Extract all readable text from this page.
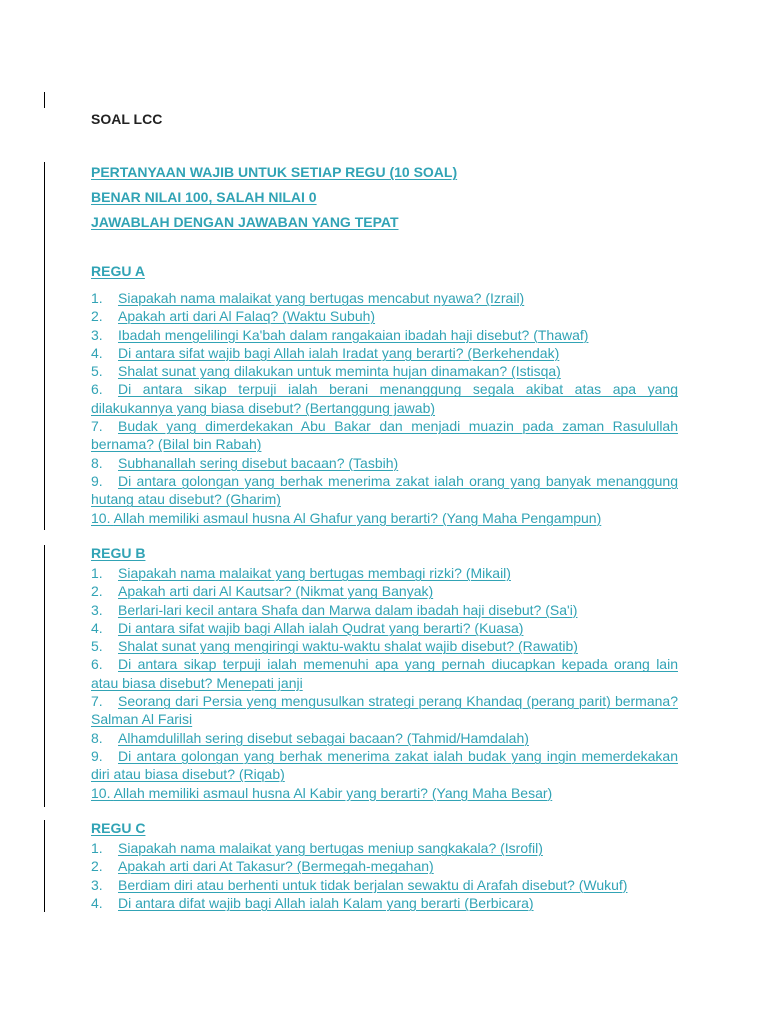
SOAL LCC
PERTANYAAN WAJIB UNTUK SETIAP REGU (10 SOAL)
BENAR NILAI 100, SALAH NILAI 0
JAWABLAH DENGAN JAWABAN YANG TEPAT
REGU A
1. Siapakah nama malaikat yang bertugas mencabut nyawa? (Izrail)
2. Apakah arti dari Al Falaq? (Waktu Subuh)
3. Ibadah mengelilingi Ka'bah dalam rangakaian ibadah haji disebut? (Thawaf)
4. Di antara sifat wajib bagi Allah ialah Iradat yang berarti? (Berkehendak)
5. Shalat sunat yang dilakukan untuk meminta hujan dinamakan? (Istisqa)
6. Di antara sikap terpuji ialah berani menanggung segala akibat atas apa yang dilakukannya yang biasa disebut? (Bertanggung jawab)
7. Budak yang dimerdekakan Abu Bakar dan menjadi muazin pada zaman Rasulullah bernama? (Bilal bin Rabah)
8. Subhanallah sering disebut bacaan? (Tasbih)
9. Di antara golongan yang berhak menerima zakat ialah orang yang banyak menanggung hutang atau disebut? (Gharim)
10. Allah memiliki asmaul husna Al Ghafur yang berarti? (Yang Maha Pengampun)
REGU B
1. Siapakah nama malaikat yang bertugas membagi rizki? (Mikail)
2. Apakah arti dari Al Kautsar? (Nikmat yang Banyak)
3. Berlari-lari kecil antara Shafa dan Marwa dalam ibadah haji disebut? (Sa'i)
4. Di antara sifat wajib bagi Allah ialah Qudrat yang berarti? (Kuasa)
5. Shalat sunat yang mengiringi waktu-waktu shalat wajib disebut? (Rawatib)
6. Di antara sikap terpuji ialah memenuhi apa yang pernah diucapkan kepada orang lain atau biasa disebut? Menepati janji
7. Seorang dari Persia yeng mengusulkan strategi perang Khandaq (perang parit) bermana? Salman Al Farisi
8. Alhamdulillah sering disebut sebagai bacaan? (Tahmid/Hamdalah)
9. Di antara golongan yang berhak menerima zakat ialah budak yang ingin memerdekakan diri atau biasa disebut? (Riqab)
10. Allah memiliki asmaul husna Al Kabir yang berarti? (Yang Maha Besar)
REGU C
1. Siapakah nama malaikat yang bertugas meniup sangkakala? (Isrofil)
2. Apakah arti dari At Takasur? (Bermegah-megahan)
3. Berdiam diri atau berhenti untuk tidak berjalan sewaktu di Arafah disebut? (Wukuf)
4. Di antara difat wajib bagi Allah ialah Kalam yang berarti (Berbicara)
